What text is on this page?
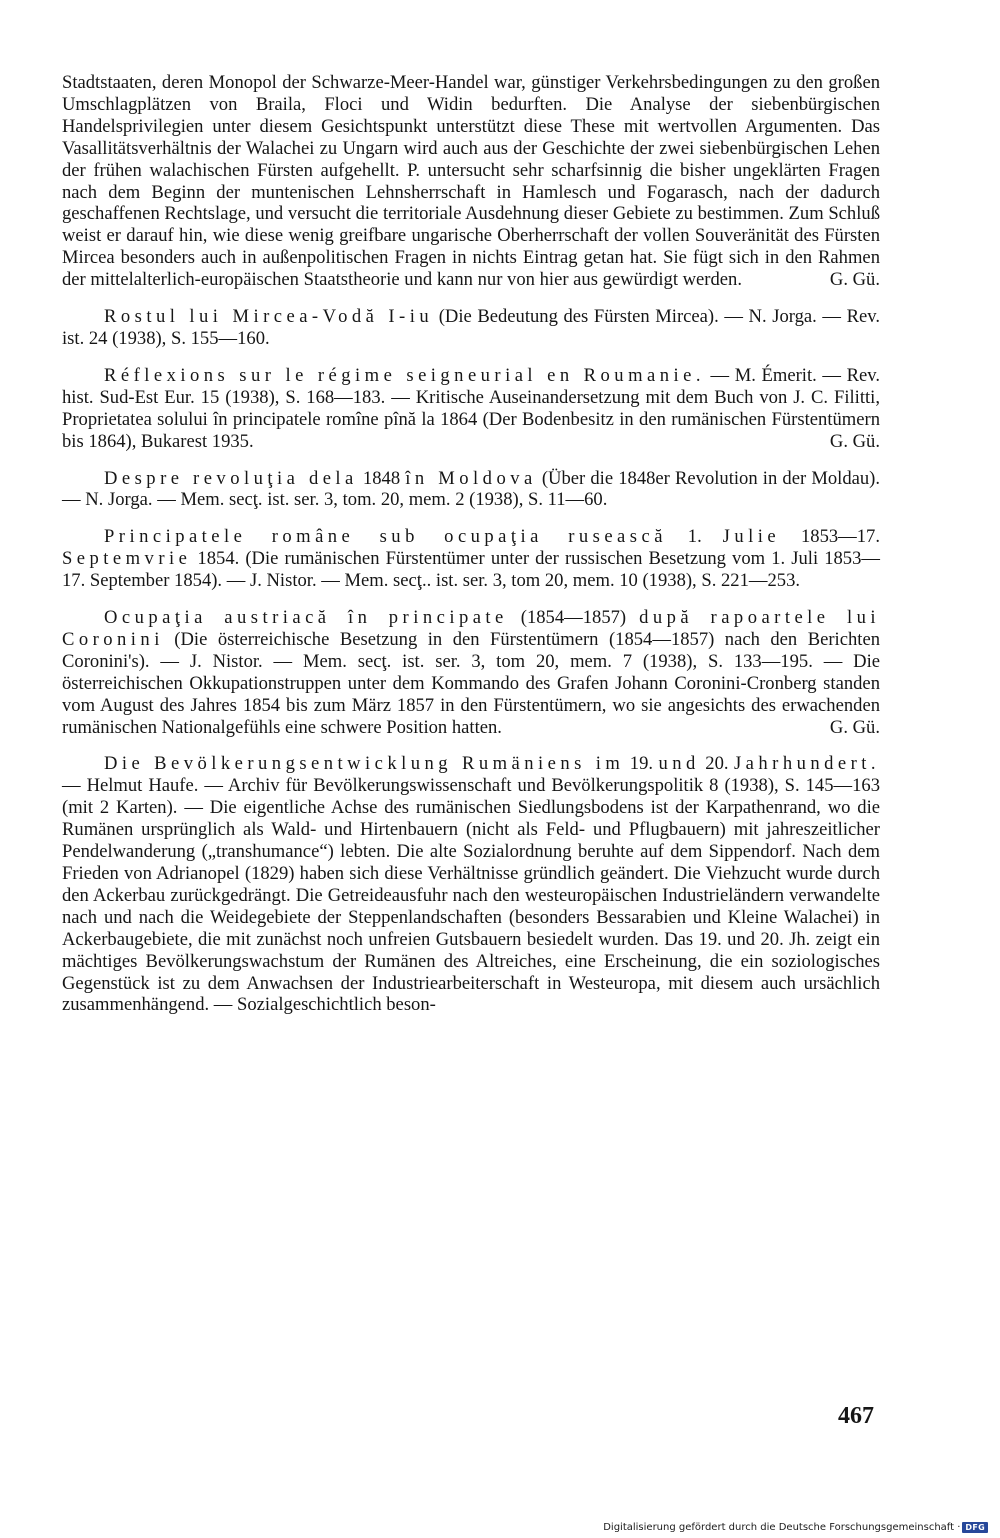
Stadtstaaten, deren Monopol der Schwarze-Meer-Handel war, günstiger Verkehrsbedingungen zu den großen Umschlagplätzen von Braila, Floci und Widin bedurften. Die Analyse der siebenbürgischen Handelsprivilegien unter diesem Gesichtspunkt unterstützt diese These mit wertvollen Argumenten. Das Vasallitätsverhältnis der Walachei zu Ungarn wird auch aus der Geschichte der zwei siebenbürgischen Lehen der frühen walachischen Fürsten aufgehellt. P. untersucht sehr scharfsinnig die bisher ungeklärten Fragen nach dem Beginn der muntenischen Lehnsherrschaft in Hamlesch und Fogarasch, nach der dadurch geschaffenen Rechtslage, und versucht die territoriale Ausdehnung dieser Gebiete zu bestimmen. Zum Schluß weist er darauf hin, wie diese wenig greifbare ungarische Oberherrschaft der vollen Souveränität des Fürsten Mircea besonders auch in außenpolitischen Fragen in nichts Eintrag getan hat. Sie fügt sich in den Rahmen der mittelalterlich-europäischen Staatstheorie und kann nur von hier aus gewürdigt werden.	G. Gü.

Rostul lui Mircea-Vodă I-iu (Die Bedeutung des Fürsten Mircea). — N. Jorga. — Rev. ist. 24 (1938), S. 155—160.

Réflexions sur le régime seigneurial en Roumanie. — M. Émerit. — Rev. hist. Sud-Est Eur. 15 (1938), S. 168—183. — Kritische Auseinandersetzung mit dem Buch von J. C. Filitti, Proprietatea solului în principatele romîne pînă la 1864 (Der Bodenbesitz in den rumänischen Fürstentümern bis 1864), Bukarest 1935.	G. Gü.

Despre revoluţia dela 1848 în Moldova (Über die 1848er Revolution in der Moldau). — N. Jorga. — Mem. secţ. ist. ser. 3, tom. 20, mem. 2 (1938), S. 11—60.

Principatele române sub ocupaţia rusească 1. Julie 1853—17. Septemvrie 1854. (Die rumänischen Fürstentümer unter der russischen Besetzung vom 1. Juli 1853—17. September 1854). — J. Nistor. — Mem. secţ.. ist. ser. 3, tom 20, mem. 10 (1938), S. 221—253.

Ocupaţia austriacă în principate (1854—1857) după rapoartele lui Coronini (Die österreichische Besetzung in den Fürstentümern (1854—1857) nach den Berichten Coronini's). — J. Nistor. — Mem. secţ. ist. ser. 3, tom 20, mem. 7 (1938), S. 133—195. — Die österreichischen Okkupationstruppen unter dem Kommando des Grafen Johann Coronini-Cronberg standen vom August des Jahres 1854 bis zum März 1857 in den Fürstentümern, wo sie angesichts des erwachenden rumänischen Nationalgefühls eine schwere Position hatten.	G. Gü.

Die Bevölkerungsentwicklung Rumäniens im 19. und 20. Jahrhundert. — Helmut Haufe. — Archiv für Bevölkerungswissenschaft und Bevölkerungspolitik 8 (1938), S. 145—163 (mit 2 Karten). — Die eigentliche Achse des rumänischen Siedlungsbodens ist der Karpathenrand, wo die Rumänen ursprünglich als Wald- und Hirtenbauern (nicht als Feld- und Pflugbauern) mit jahreszeitlicher Pendelwanderung („transhumance“) lebten. Die alte Sozialordnung beruhte auf dem Sippendorf. Nach dem Frieden von Adrianopel (1829) haben sich diese Verhältnisse gründlich geändert. Die Viehzucht wurde durch den Ackerbau zurückgedrängt. Die Getreideausfuhr nach den westeuropäischen Industrieländern verwandelte nach und nach die Weidegebiete der Steppenlandschaften (besonders Bessarabien und Kleine Walachei) in Ackerbaugebiete, die mit zunächst noch unfreien Gutsbauern besiedelt wurden. Das 19. und 20. Jh. zeigt ein mächtiges Bevölkerungswachstum der Rumänen des Altreiches, eine Erscheinung, die ein soziologisches Gegenstück ist zu dem Anwachsen der Industriearbeiterschaft in Westeuropa, mit diesem auch ursächlich zusammenhängend. — Sozialgeschichtlich beson-

467
Digitalisierung gefördert durch die Deutsche Forschungsgemeinschaft · DFG
